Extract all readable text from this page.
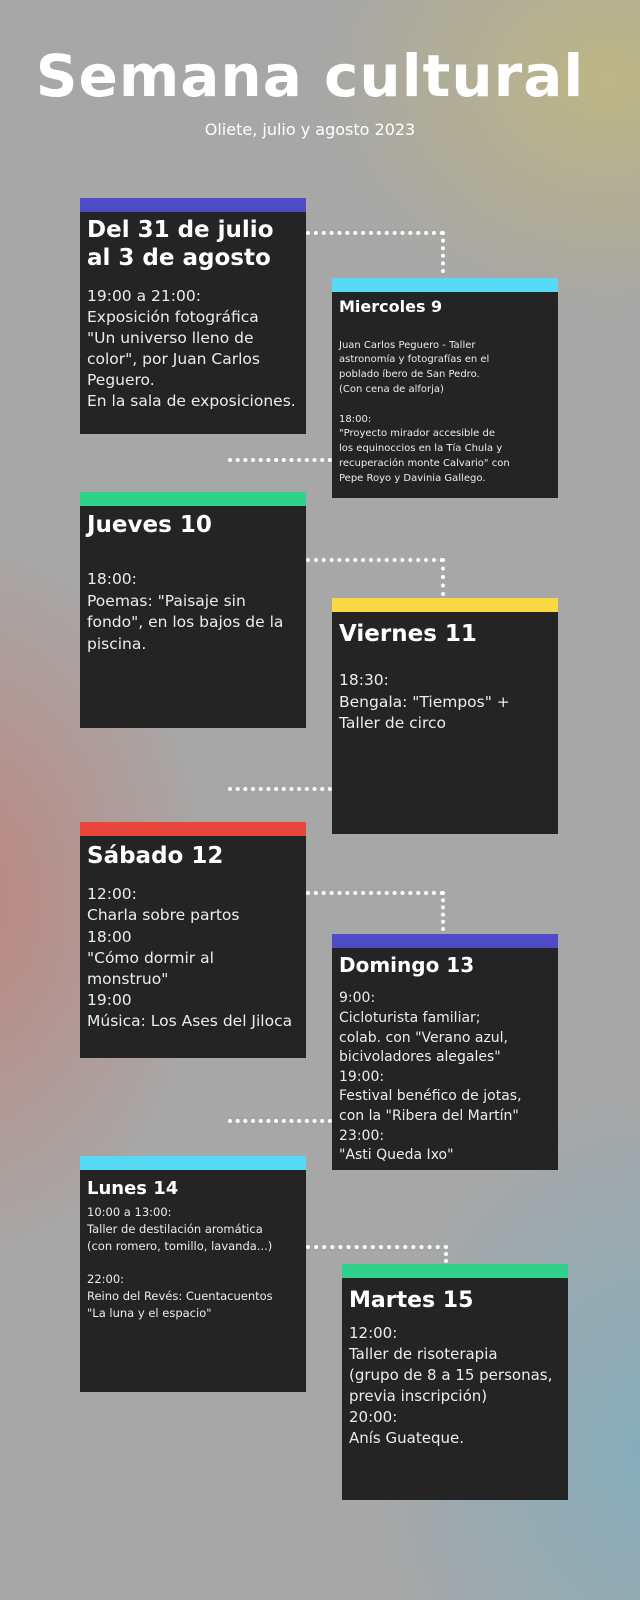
Semana cultural
Oliete, julio y agosto 2023
Del 31 de julio
al 3 de agosto
19:00 a 21:00:
Exposición fotográfica
"Un universo lleno de
color", por Juan Carlos
Peguero.
En la sala de exposiciones.
Miercoles 9
Juan Carlos Peguero - Taller
astronomía y fotografías en el
poblado íbero de San Pedro.
(Con cena de alforja)

18:00:
"Proyecto mirador accesible de
los equinoccios en la Tía Chula y
recuperación monte Calvario" con
Pepe Royo y Davinia Gallego.
Jueves 10
18:00:
Poemas: "Paisaje sin
fondo", en los bajos de la
piscina.	Viernes 11
18:30:
Bengala: "Tiempos" +
Taller de circo
Sábado 12
12:00:
Charla sobre partos
18:00
"Cómo dormir al monstruo"
19:00
Música: Los Ases del Jiloca
Domingo 13
9:00:
Cicloturista familiar;
colab. con "Verano azul,
bicivoladores alegales"
19:00:
Festival benéfico de jotas,
con la "Ribera del Martín"
23:00:
"Asti Queda Ixo"
Lunes 14
10:00 a 13:00:
Taller de destilación aromática
(con romero, tomillo, lavanda...)

22:00:
Reino del Revés: Cuentacuentos
"La luna y el espacio"	Martes 15
12:00:
Taller de risoterapia
(grupo de 8 a 15 personas,
previa inscripción)
20:00:
Anís Guateque.
